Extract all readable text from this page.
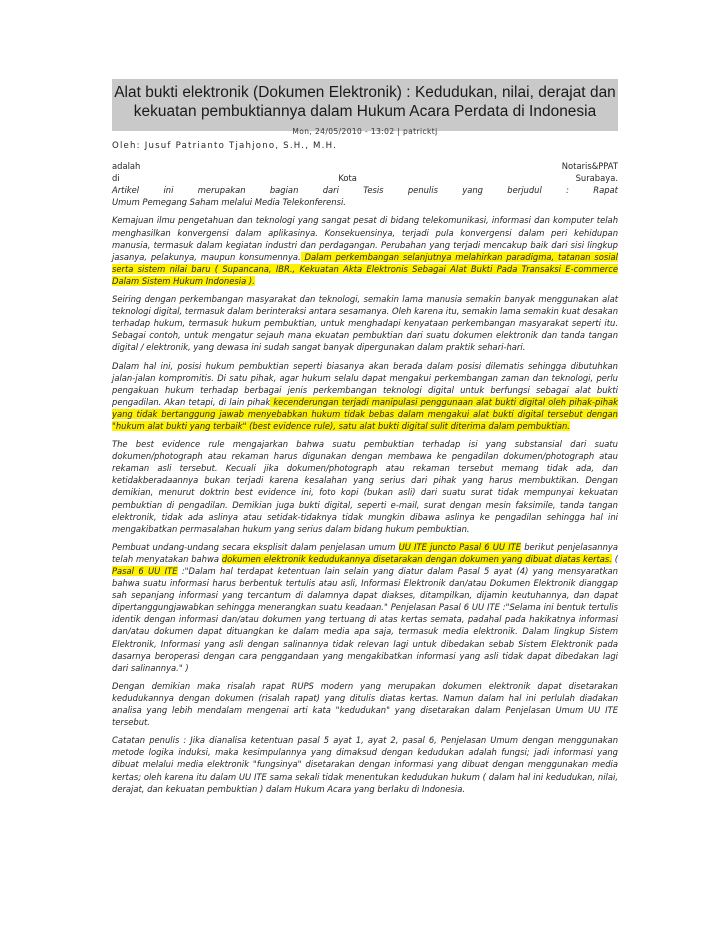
Alat bukti elektronik (Dokumen Elektronik) : Kedudukan, nilai, derajat dan
kekuatan pembuktiannya dalam Hukum Acara Perdata di Indonesia
Mon, 24/05/2010 - 13:02 | patricktj
Oleh: Jusuf Patrianto Tjahjono, S.H., M.H.
adalah	Notaris&PPAT
di	Kota	Surabaya.
Artikel	ini	merupakan	bagian	dari	Tesis	penulis	yang	berjudul	:	Rapat
Umum Pemegang Saham melalui Media Telekonferensi.

Kemajuan ilmu pengetahuan dan teknologi yang sangat pesat di bidang telekomunikasi, informasi dan komputer telah menghasilkan konvergensi dalam aplikasinya. Konsekuensinya, terjadi pula konvergensi dalam peri kehidupan manusia, termasuk dalam kegiatan industri dan perdagangan. Perubahan yang terjadi mencakup baik dari sisi lingkup jasanya, pelakunya, maupun konsumennya. Dalam perkembangan selanjutnya melahirkan paradigma, tatanan sosial serta sistem nilai baru ( Supancana, IBR., Kekuatan Akta Elektronis Sebagai Alat Bukti Pada Transaksi E-commerce Dalam Sistem Hukum Indonesia ).

Seiring dengan perkembangan masyarakat dan teknologi, semakin lama manusia semakin banyak menggunakan alat teknologi digital, termasuk dalam berinteraksi antara sesamanya. Oleh karena itu, semakin lama semakin kuat desakan terhadap hukum, termasuk hukum pembuktian, untuk menghadapi kenyataan perkembangan masyarakat seperti itu. Sebagai contoh, untuk mengatur sejauh mana ekuatan pembuktian dari suatu dokumen elektronik dan tanda tangan digital / elektronik, yang dewasa ini sudah sangat banyak dipergunakan dalam praktik sehari-hari.

Dalam hal ini, posisi hukum pembuktian seperti biasanya akan berada dalam posisi dilematis sehingga dibutuhkan jalan-jalan kompromitis. Di satu pihak, agar hukum selalu dapat mengakui perkembangan zaman dan teknologi, perlu pengakuan hukum terhadap berbagai jenis perkembangan teknologi digital untuk berfungsi sebagai alat bukti pengadilan. Akan tetapi, di lain pihak kecenderungan terjadi manipulasi penggunaan alat bukti digital oleh pihak-pihak yang tidak bertanggung jawab menyebabkan hukum tidak bebas dalam mengakui alat bukti digital tersebut dengan "hukum alat bukti yang terbaik" (best evidence rule), satu alat bukti digital sulit diterima dalam pembuktian.

The best evidence rule mengajarkan bahwa suatu pembuktian terhadap isi yang substansial dari suatu dokumen/photograph atau rekaman harus digunakan dengan membawa ke pengadilan dokumen/photograph atau rekaman asli tersebut. Kecuali jika dokumen/photograph atau rekaman tersebut memang tidak ada, dan ketidakberadaannya bukan terjadi karena kesalahan yang serius dari pihak yang harus membuktikan. Dengan demikian, menurut doktrin best evidence ini, foto kopi (bukan asli) dari suatu surat tidak mempunyai kekuatan pembuktian di pengadilan. Demikian juga bukti digital, seperti e-mail, surat dengan mesin faksimile, tanda tangan elektronik, tidak ada aslinya atau setidak-tidaknya tidak mungkin dibawa aslinya ke pengadilan sehingga hal ini mengakibatkan permasalahan hukum yang serius dalam bidang hukum pembuktian.

Pembuat undang-undang secara eksplisit dalam penjelasan umum UU ITE juncto Pasal 6 UU ITE berikut penjelasannya telah menyatakan bahwa dokumen elektronik kedudukannya disetarakan dengan dokumen yang dibuat diatas kertas. ( Pasal 6 UU ITE :"Dalam hal terdapat ketentuan lain selain yang diatur dalam Pasal 5 ayat (4) yang mensyaratkan bahwa suatu informasi harus berbentuk tertulis atau asli, Informasi Elektronik dan/atau Dokumen Elektronik dianggap sah sepanjang informasi yang tercantum di dalamnya dapat diakses, ditampilkan, dijamin keutuhannya, dan dapat dipertanggungjawabkan sehingga menerangkan suatu keadaan." Penjelasan Pasal 6 UU ITE :"Selama ini bentuk tertulis identik dengan informasi dan/atau dokumen yang tertuang di atas kertas semata, padahal pada hakikatnya informasi dan/atau dokumen dapat dituangkan ke dalam media apa saja, termasuk media elektronik. Dalam lingkup Sistem Elektronik, Informasi yang asli dengan salinannya tidak relevan lagi untuk dibedakan sebab Sistem Elektronik pada dasarnya beroperasi dengan cara penggandaan yang mengakibatkan informasi yang asli tidak dapat dibedakan lagi dari salinannya." )

Dengan demikian maka risalah rapat RUPS modern yang merupakan dokumen elektronik dapat disetarakan kedudukannya dengan dokumen (risalah rapat) yang ditulis diatas kertas. Namun dalam hal ini perlulah diadakan analisa yang lebih mendalam mengenai arti kata "kedudukan" yang disetarakan dalam Penjelasan Umum UU ITE tersebut.

Catatan penulis : Jika dianalisa ketentuan pasal 5 ayat 1, ayat 2, pasal 6, Penjelasan Umum dengan menggunakan metode logika induksi, maka kesimpulannya yang dimaksud dengan kedudukan adalah fungsi; jadi informasi yang dibuat melalui media elektronik "fungsinya" disetarakan dengan informasi yang dibuat dengan menggunakan media kertas; oleh karena itu dalam UU ITE sama sekali tidak menentukan kedudukan hukum ( dalam hal ini kedudukan, nilai, derajat, dan kekuatan pembuktian ) dalam Hukum Acara yang berlaku di Indonesia.
